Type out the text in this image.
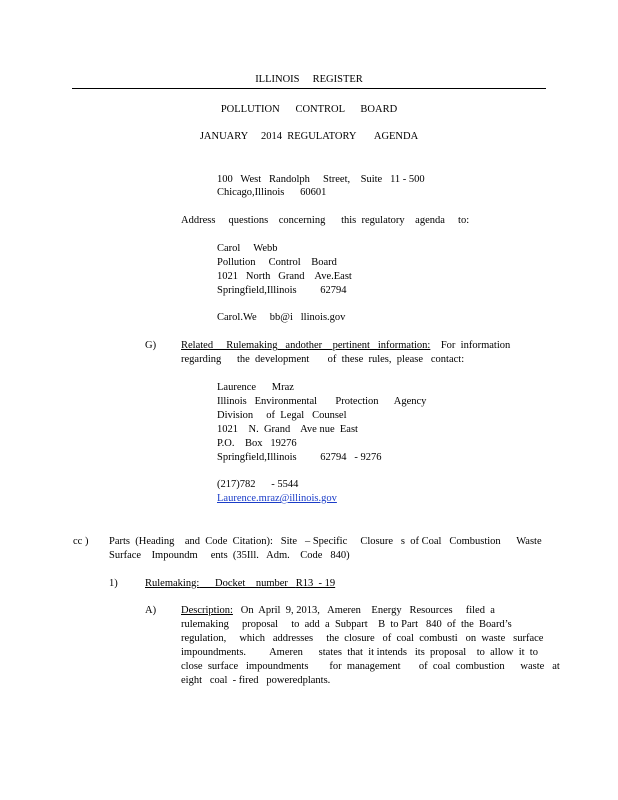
ILLINOIS     REGISTER
POLLUTION      CONTROL      BOARD
JANUARY     2014  REGULATORY       AGENDA
100   West   Randolph     Street,    Suite   11 - 500
Chicago,Illinois      60601
Address     questions    concerning      this  regulatory    agenda     to:
Carol     Webb
Pollution     Control    Board
1021   North   Grand    Ave.East
Springfield,Illinois         62794
Carol.We     bb@i   llinois.gov
G) Related     Rulemaking   andother    pertinent   information:    For  information
regarding      the  development       of  these  rules,  please   contact:
Laurence      Mraz
Illinois   Environmental       Protection      Agency
Division     of  Legal   Counsel
1021    N.  Grand    Ave nue  East
P.O.    Box   19276
Springfield,Illinois         62794   - 9276
(217)782      - 5544
Laurence.mraz@illinois.gov
cc ) Parts  (Heading    and  Code  Citation):   Site   – Specific     Closure   s  of Coal   Combustion      Waste
Surface    Impoundm     ents  (35Ill.   Adm.    Code   840)
1)	Rulemaking:      Docket    number   R13  - 19
A) Description:   On  April  9, 2013,   Ameren    Energy   Resources     filed  a
rulemaking     proposal     to  add  a  Subpart    B  to Part   840  of  the  Board’s
regulation,     which   addresses     the  closure   of  coal  combusti   on  waste   surface
impoundments.         Ameren      states  that  it intends   its  proposal    to  allow  it  to
close  surface   impoundments        for  management       of  coal  combustion      waste   at
eight   coal  - fired   poweredplants.
